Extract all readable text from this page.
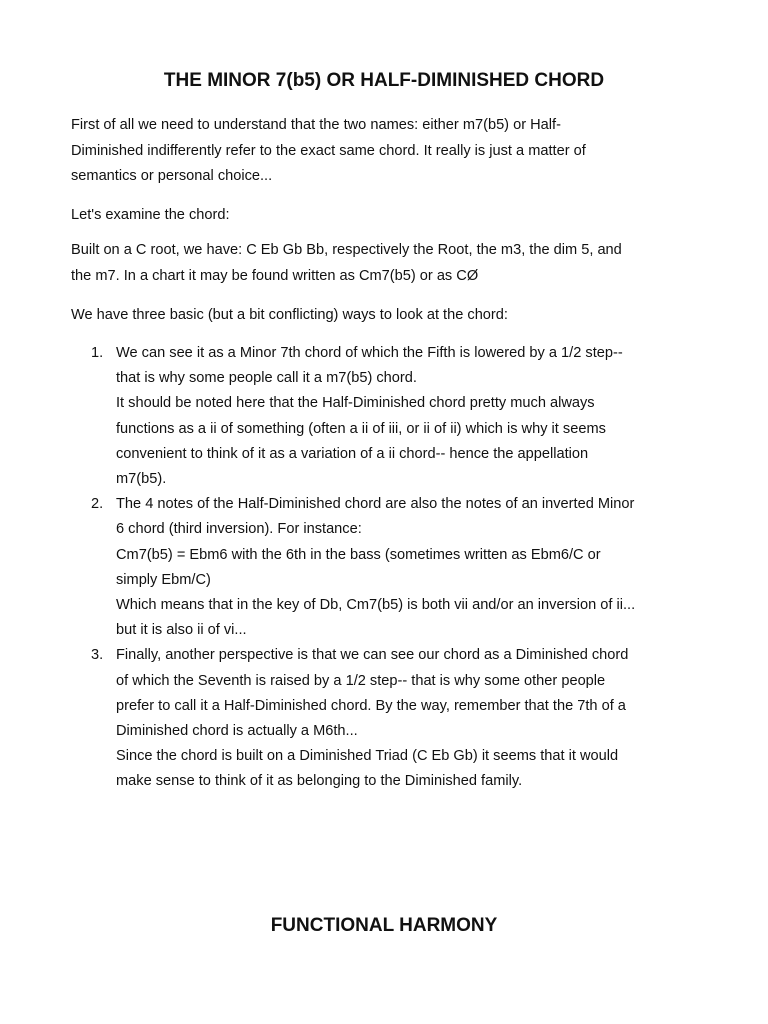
THE MINOR 7(b5) OR HALF-DIMINISHED CHORD
First of all we need to understand that the two names: either m7(b5) or Half-
Diminished indifferently refer to the exact same chord. It really is just a matter of
semantics or personal choice...
Let's examine the chord:
Built on a C root, we have: C Eb Gb Bb, respectively the Root, the m3, the dim 5, and
the m7. In a chart it may be found written as Cm7(b5) or as CØ
We have three basic (but a bit conflicting) ways to look at the chord:
1. We can see it as a Minor 7th chord of which the Fifth is lowered by a 1/2 step--
that is why some people call it a m7(b5) chord.
It should be noted here that the Half-Diminished chord pretty much always
functions as a ii of something (often a ii of iii, or ii of ii) which is why it seems
convenient to think of it as a variation of a ii chord-- hence the appellation
m7(b5).
2. The 4 notes of the Half-Diminished chord are also the notes of an inverted Minor
6 chord (third inversion). For instance:
Cm7(b5) = Ebm6 with the 6th in the bass (sometimes written as Ebm6/C or
simply Ebm/C)
Which means that in the key of Db, Cm7(b5) is both vii and/or an inversion of ii...
but it is also ii of vi...
3. Finally, another perspective is that we can see our chord as a Diminished chord
of which the Seventh is raised by a 1/2 step-- that is why some other people
prefer to call it a Half-Diminished chord. By the way, remember that the 7th of a
Diminished chord is actually a M6th...
Since the chord is built on a Diminished Triad (C Eb Gb) it seems that it would
make sense to think of it as belonging to the Diminished family.
FUNCTIONAL HARMONY
